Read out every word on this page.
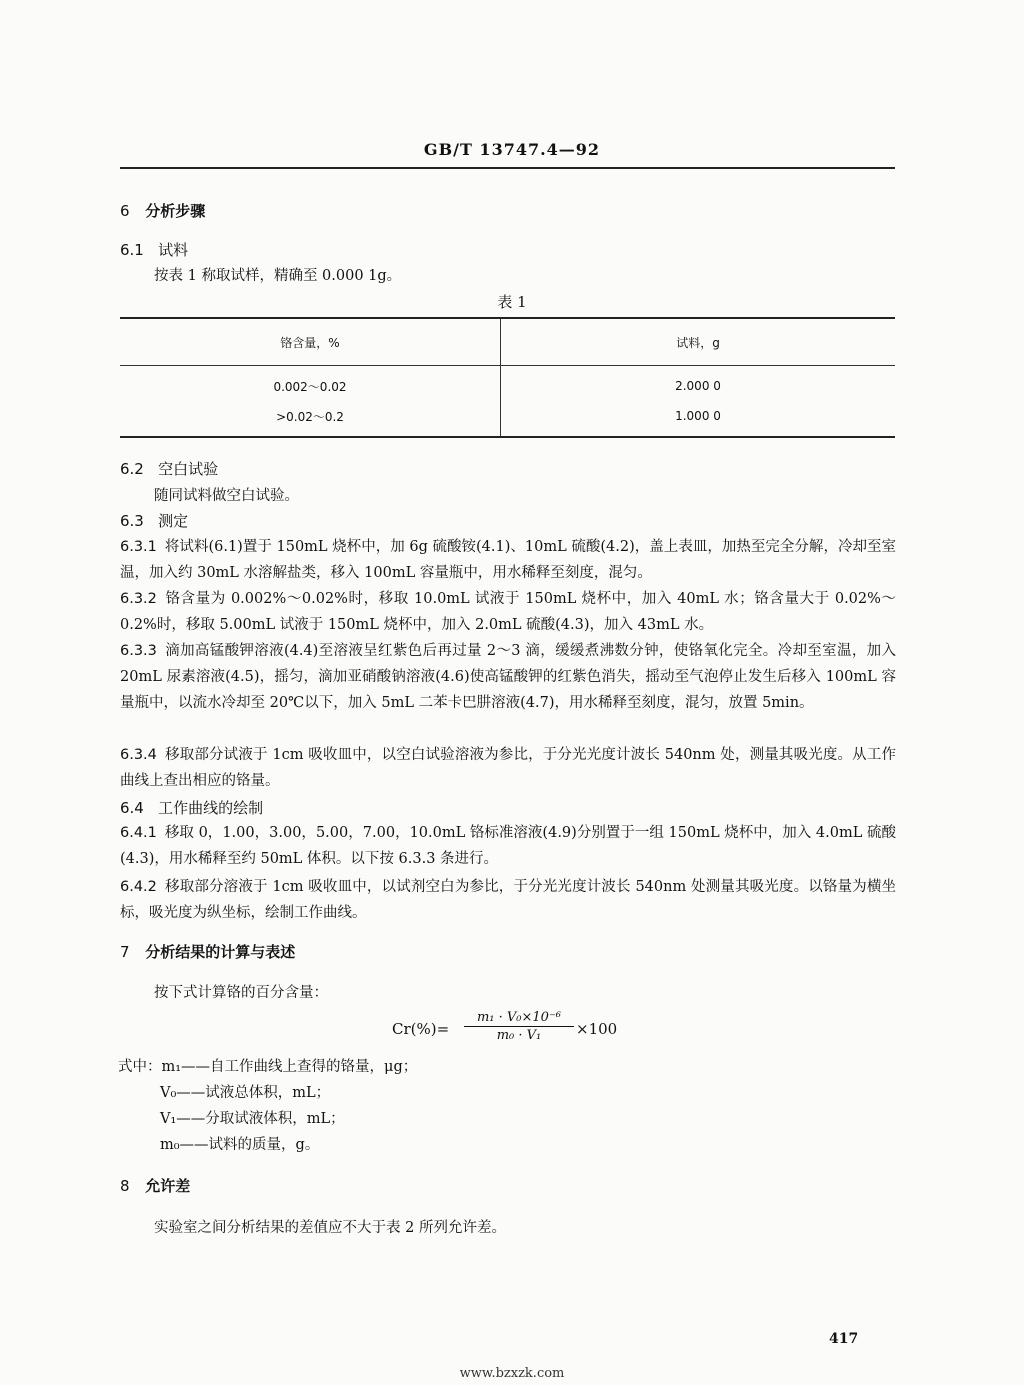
GB/T 13747.4—92
6 分析步骤
6.1 试料
按表 1 称取试样，精确至 0.000 1g。
表 1
铬含量，%	试料，g
0.002～0.02	2.000 0
>0.02～0.2	1.000 0
6.2 空白试验
随同试料做空白试验。
6.3 测定
6.3.1 将试料(6.1)置于 150mL 烧杯中，加 6g 硫酸铵(4.1)、10mL 硫酸(4.2)，盖上表皿，加热至完全分解，冷却至室温，加入约 30mL 水溶解盐类，移入 100mL 容量瓶中，用水稀释至刻度，混匀。
6.3.2 铬含量为 0.002%～0.02%时，移取 10.0mL 试液于 150mL 烧杯中，加入 40mL 水；铬含量大于 0.02%～0.2%时，移取 5.00mL 试液于 150mL 烧杯中，加入 2.0mL 硫酸(4.3)，加入 43mL 水。
6.3.3 滴加高锰酸钾溶液(4.4)至溶液呈红紫色后再过量 2～3 滴，缓缓煮沸数分钟，使铬氧化完全。冷却至室温，加入 20mL 尿素溶液(4.5)，摇匀，滴加亚硝酸钠溶液(4.6)使高锰酸钾的红紫色消失，摇动至气泡停止发生后移入 100mL 容量瓶中，以流水冷却至 20℃以下，加入 5mL 二苯卡巴肼溶液(4.7)，用水稀释至刻度，混匀，放置 5min。
6.3.4 移取部分试液于 1cm 吸收皿中，以空白试验溶液为参比，于分光光度计波长 540nm 处，测量其吸光度。从工作曲线上查出相应的铬量。
6.4 工作曲线的绘制
6.4.1 移取 0，1.00，3.00，5.00，7.00，10.0mL 铬标准溶液(4.9)分别置于一组 150mL 烧杯中，加入 4.0mL 硫酸(4.3)，用水稀释至约 50mL 体积。以下按 6.3.3 条进行。
6.4.2 移取部分溶液于 1cm 吸收皿中，以试剂空白为参比，于分光光度计波长 540nm 处测量其吸光度。以铬量为横坐标，吸光度为纵坐标，绘制工作曲线。
7 分析结果的计算与表述
按下式计算铬的百分含量：
$Cr(\%)= \frac{\text{m₁ · V₀×10⁻⁶}}{\text{m₀ · V₁}} \times 100$
式中：m₁——自工作曲线上查得的铬量，μg；
V₀——试液总体积，mL；
V₁——分取试液体积，mL；
m₀——试料的质量，g。
8 允许差
实验室之间分析结果的差值应不大于表 2 所列允许差。
417
www.bzxzk.com
